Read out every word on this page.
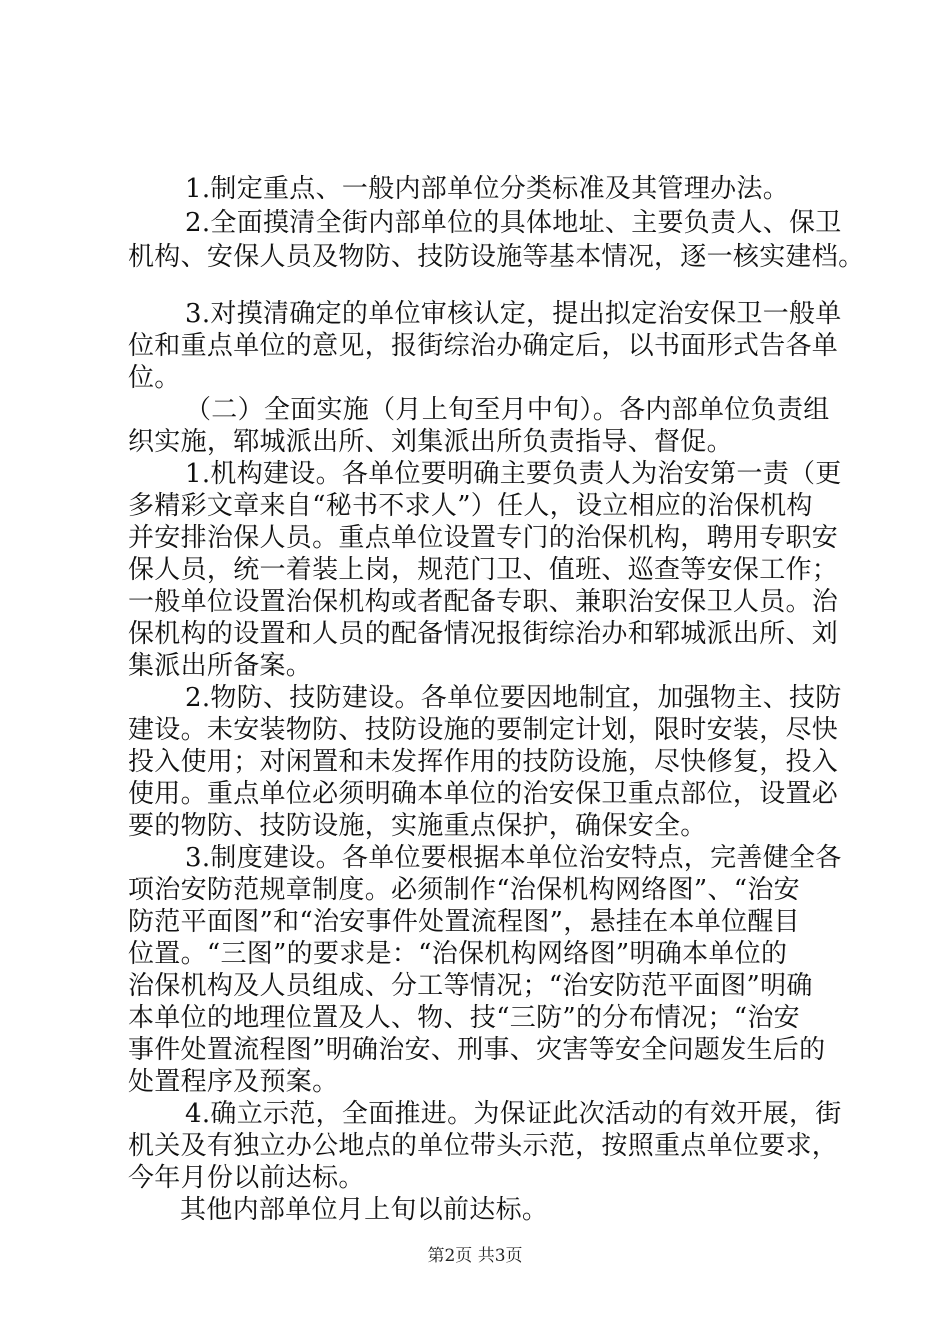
1.制定重点、一般内部单位分类标准及其管理办法。
2.全面摸清全街内部单位的具体地址、主要负责人、保卫
机构、安保人员及物防、技防设施等基本情况，逐一核实建档。
3.对摸清确定的单位审核认定，提出拟定治安保卫一般单
位和重点单位的意见，报街综治办确定后，以书面形式告各单
位。
（二）全面实施（月上旬至月中旬）。各内部单位负责组
织实施，郓城派出所、刘集派出所负责指导、督促。
1.机构建设。各单位要明确主要负责人为治安第一责（更
多精彩文章来自“秘书不求人”）任人，设立相应的治保机构
并安排治保人员。重点单位设置专门的治保机构，聘用专职安
保人员，统一着装上岗，规范门卫、值班、巡查等安保工作；
一般单位设置治保机构或者配备专职、兼职治安保卫人员。治
保机构的设置和人员的配备情况报街综治办和郓城派出所、刘
集派出所备案。
2.物防、技防建设。各单位要因地制宜，加强物主、技防
建设。未安装物防、技防设施的要制定计划，限时安装，尽快
投入使用；对闲置和未发挥作用的技防设施，尽快修复，投入
使用。重点单位必须明确本单位的治安保卫重点部位，设置必
要的物防、技防设施，实施重点保护，确保安全。
3.制度建设。各单位要根据本单位治安特点，完善健全各
项治安防范规章制度。必须制作“治保机构网络图”、“治安
防范平面图”和“治安事件处置流程图”，悬挂在本单位醒目
位置。“三图”的要求是：“治保机构网络图”明确本单位的
治保机构及人员组成、分工等情况；“治安防范平面图”明确
本单位的地理位置及人、物、技“三防”的分布情况；“治安
事件处置流程图”明确治安、刑事、灾害等安全问题发生后的
处置程序及预案。
4.确立示范，全面推进。为保证此次活动的有效开展，街
机关及有独立办公地点的单位带头示范，按照重点单位要求，
今年月份以前达标。
其他内部单位月上旬以前达标。
第2页 共3页
